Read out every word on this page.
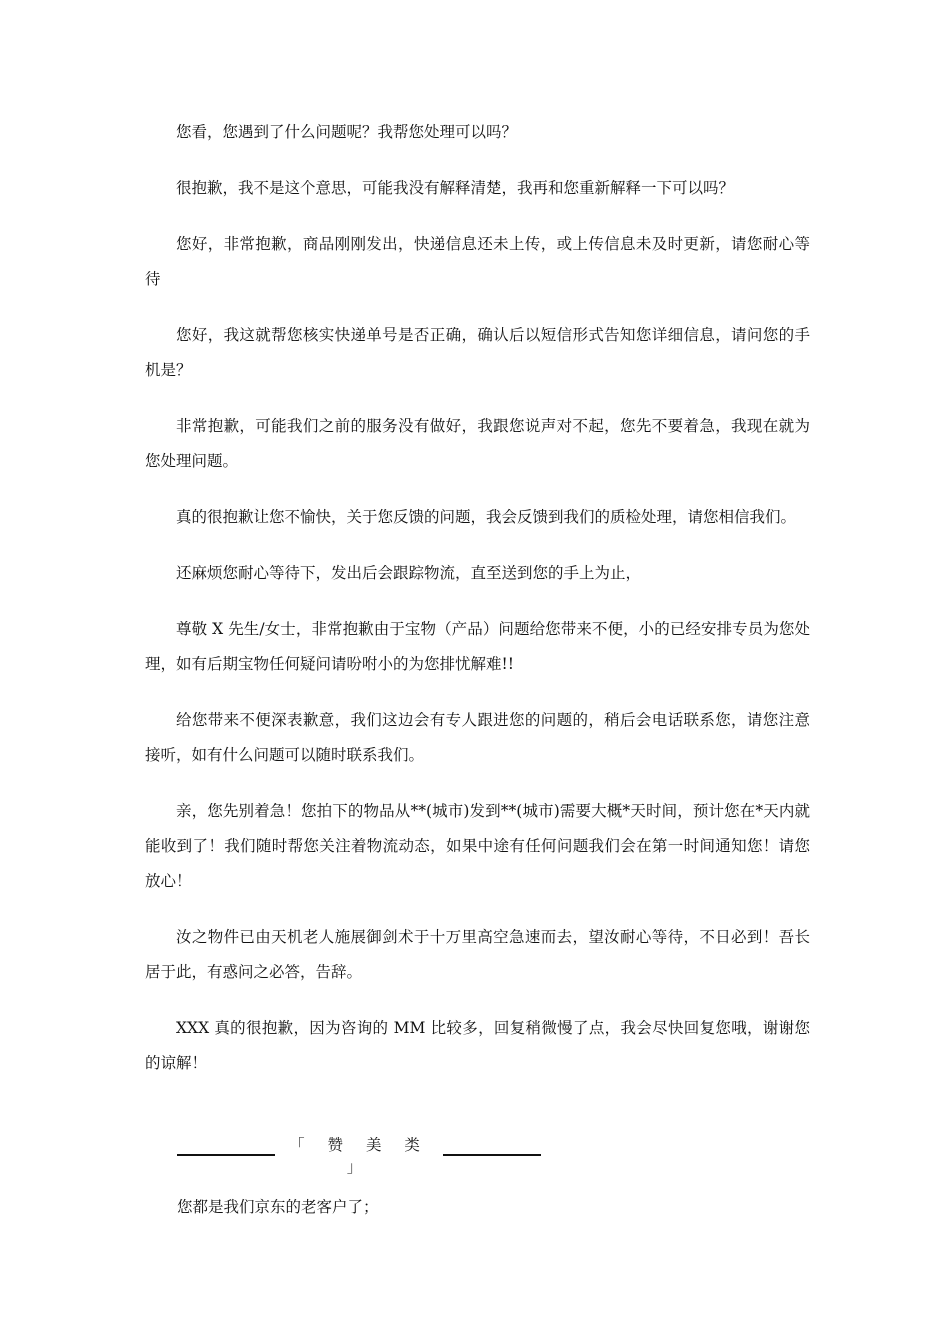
您看，您遇到了什么问题呢？我帮您处理可以吗？

很抱歉，我不是这个意思，可能我没有解释清楚，我再和您重新解释一下可以吗？

您好，非常抱歉，商品刚刚发出，快递信息还未上传，或上传信息未及时更新，请您耐心等待

您好，我这就帮您核实快递单号是否正确，确认后以短信形式告知您详细信息，请问您的手机是？

非常抱歉，可能我们之前的服务没有做好，我跟您说声对不起，您先不要着急，我现在就为您处理问题。

真的很抱歉让您不愉快，关于您反馈的问题，我会反馈到我们的质检处理，请您相信我们。

还麻烦您耐心等待下，发出后会跟踪物流，直至送到您的手上为止，

尊敬 X 先生/女士，非常抱歉由于宝物（产品）问题给您带来不便，小的已经安排专员为您处理，如有后期宝物任何疑问请吩咐小的为您排忧解难!!

给您带来不便深表歉意，我们这边会有专人跟进您的问题的，稍后会电话联系您，请您注意接听，如有什么问题可以随时联系我们。

亲，您先别着急！您拍下的物品从**(城市)发到**(城市)需要大概*天时间，预计您在*天内就能收到了！我们随时帮您关注着物流动态，如果中途有任何问题我们会在第一时间通知您！请您放心！

汝之物件已由天机老人施展御剑术于十万里高空急速而去，望汝耐心等待，不日必到！吾长居于此，有惑问之必答，告辞。

XXX 真的很抱歉，因为咨询的 MM 比较多，回复稍微慢了点，我会尽快回复您哦，谢谢您的谅解！

「 赞 美 类 」

您都是我们京东的老客户了；
